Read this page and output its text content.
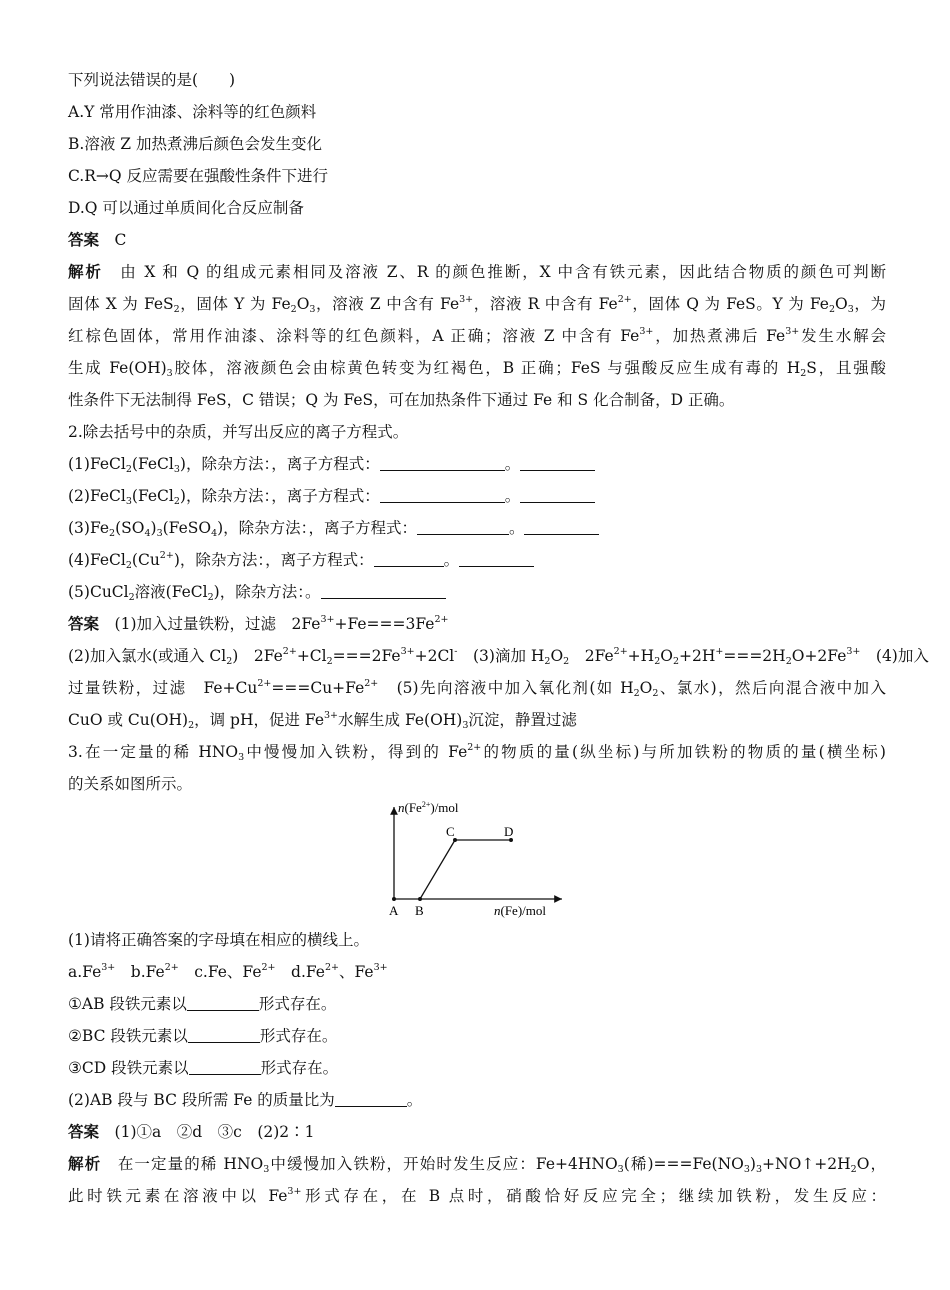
下列说法错误的是(　　)
A.Y 常用作油漆、涂料等的红色颜料
B.溶液 Z 加热煮沸后颜色会发生变化
C.R→Q 反应需要在强酸性条件下进行
D.Q 可以通过单质间化合反应制备
答案　 C
解析　 由 X 和 Q 的组成元素相同及溶液 Z、R 的颜色推断，X 中含有铁元素，因此结合物质的颜色可判断
固体 X 为 FeS$_2$，固体 Y 为 $Fe_2O_3$，溶液 Z 中含有 $Fe^{3+}$，溶液 R 中含有 $Fe^{2+}$，固体 Q 为 FeS。Y 为 $Fe_2O_3$，为
红棕色固体，常用作油漆、涂料等的红色颜料，A 正确；溶液 Z 中含有 $Fe^{3+}$，加热煮沸后 $Fe^{3+}$发生水解会
生成 $Fe(OH)_3$胶体，溶液颜色会由棕黄色转变为红褐色，B 正确；FeS 与强酸反应生成有毒的 $H_2S$，且强酸
性条件下无法制得 FeS，C 错误；Q 为 FeS，可在加热条件下通过 Fe 和 S 化合制备，D 正确。
2.除去括号中的杂质，并写出反应的离子方程式。
(1)FeCl$_2$(FeCl$_3$)，除杂方法：，离子方程式：	。
(2)FeCl$_3$(FeCl$_2$)，除杂方法：，离子方程式：	。
$(3)Fe_2(SO_4)_3(FeSO_4)$，除杂方法：，离子方程式：	。
$(4)FeCl_2(Cu^{2+})$，除杂方法：，离子方程式：	。
(5)CuCl$_2$溶液(FeCl$_2$)，除杂方法：。
答案　 (1)加入过量铁粉，过滤　$2Fe^{3+}+Fe===3Fe^{2+}$
(2)加入氯水(或通入 $Cl_2$)　$2Fe^{2+}+Cl_2===2Fe^{3+}+2Cl^-$　(3)滴加 $H_2O_2$　$2Fe^{2+}+H_2O_2+2H^+===2H_2O+2Fe^{3+}$　(4)加入
过量铁粉，过滤　$Fe+Cu^{2+}===Cu+Fe^{2+}$　(5)先向溶液中加入氧化剂(如 $H_2O_2$、氯水)，然后向混合液中加入
CuO 或 $Cu(OH)_2$，调 pH，促进 $Fe^{3+}$水解生成 $Fe(OH)_3$沉淀，静置过滤
3.在一定量的稀 $HNO_3$中慢慢加入铁粉，得到的 $Fe^{2+}$的物质的量(纵坐标)与所加铁粉的物质的量(横坐标)
的关系如图所示。
$n(Fe^{2+})$/mol
n(Fe)/mol
A B
C	D
(1)请将正确答案的字母填在相应的横线上。
$a.Fe^{3+}$　$b.Fe^{2+}$　c.Fe、$Fe^{2+}$　$d.Fe^{2+}$、$Fe^{3+}$
①AB 段铁元素以	形式存在。
②BC 段铁元素以	形式存在。
③CD 段铁元素以	形式存在。
(2)AB 段与 BC 段所需 Fe 的质量比为	。
答案　 (1)①a　②d　③c　(2)2∶1
解析　 在一定量的稀 $HNO_3$中缓慢加入铁粉，开始时发生反应：$Fe+4HNO_3$(稀)$===Fe(NO_3)_3+NO↑+2H_2O$，
此时铁元素在溶液中以 $Fe^{3+}$形式存在，在 B 点时，硝酸恰好反应完全；继续加铁粉，发生反应：
